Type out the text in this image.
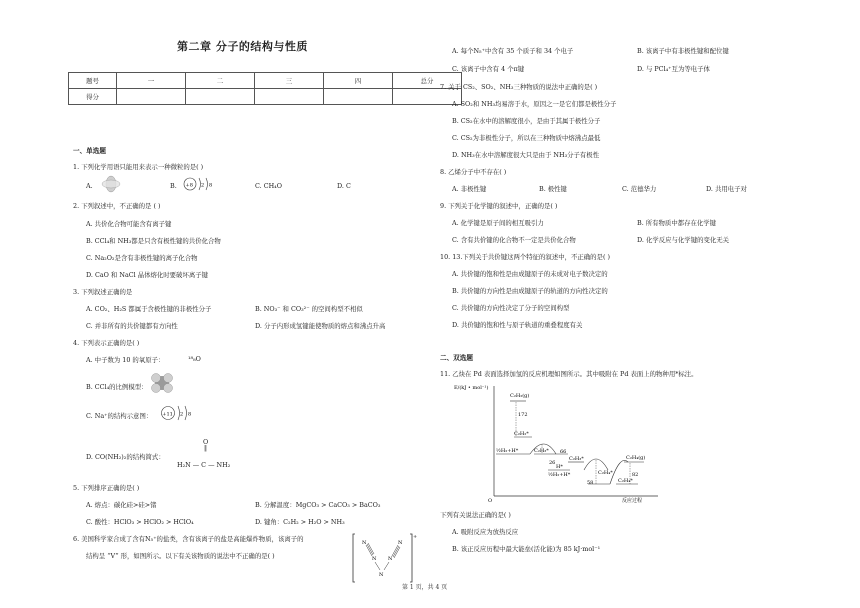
第二章 分子的结构与性质
题号	一	二	三	四	总分
得分					
一、单选题
1. 下列化学用语只能用来表示一种微粒的是( )
A.	B. +8 2 8	C. CH₄O	D. C
2. 下列叙述中，不正确的是 ( )
A. 共价化合物可能含有离子键
B. CCl₄和 NH₃都是只含有极性键的共价化合物
C. Na₂O₂是含有非极性键的离子化合物
D. CaO 和 NaCl 晶体熔化时要破坏离子键
3. 下列叙述正确的是
A. CO₂、H₂S 都属于含极性键的非极性分子	B. NO₃⁻ 和 CO₃²⁻ 的空间构型不相似
C. 并非所有的共价键都有方向性	D. 分子内形成氢键能使物质的熔点和沸点升高
4. 下列表示正确的是( )
A. 中子数为 10 的氧原子：	¹⁸₈O
B. CCl₄的比例模型：
C. Na⁺的结构示意图： +11 2 8
D. CO(NH₂)₂的结构简式：
O
‖
H₂N — C — NH₂
5. 下列排序正确的是( )
A. 熔点：碳化硅>硅>锗	B. 分解温度：MgCO₃ > CaCO₃ > BaCO₃
C. 酸性：HClO₃ > HClO₂ > HClO₄	D. 键角：C₂H₂ > H₂O > NH₃
6. 美国科学家合成了含有N₅⁺的盐类，含有该离子的盐是高能爆炸物质，该离子的
结构呈 “V” 形，如图所示。以下有关该物质的说法中不正确的是( )
+
N
N
N
N
N
A. 每个N₅⁺中含有 35 个质子和 34 个电子	B. 该离子中有非极性键和配位键
C. 该离子中含有 4 个π键	D. 与 PCl₄⁺互为等电子体
7. 关于 CS₂、SO₂、NH₃三种物质的说法中正确的是( )
A. SO₂和 NH₃均易溶于水，原因之一是它们都是极性分子
B. CS₂在水中的溶解度很小，是由于其属于极性分子
C. CS₂为非极性分子，所以在三种物质中熔沸点最低
D. NH₃在水中溶解度很大只是由于 NH₃分子有极性
8. 乙烯分子中不存在( )
A. 非极性键	B. 极性键	C. 范德华力	D. 共用电子对
9. 下列关于化学键的叙述中，正确的是( )
A. 化学键是原子间的相互吸引力	B. 所有物质中都存在化学键
C. 含有共价键的化合物不一定是共价化合物	D. 化学反应与化学键的变化无关
10. 13.下列关于共价键这两个特征的叙述中，不正确的是( )
A. 共价键的饱和性是由成键原子的未成对电子数决定的
B. 共价键的方向性是由成键原子的轨道的方向性决定的
C. 共价键的方向性决定了分子的空间构型
D. 共价键的饱和性与原子轨道的重叠程度有关
二、双选题
11. 乙炔在 Pd 表面选择加氢的反应机理如图所示。其中吸附在 Pd 表面上的物种用*标注。
E/(kJ • mol⁻¹)
反应过程
O
C₂H₂(g)
172
C₂H₂*
½H₂+H*	66
C₂H₃*
26
H*
½H₂+H*
C₂H₃*
58
C₂H₄*
C₂H₄(g)
82
C₂H₄*
下列有关说法正确的是( )
A. 吸附反应为放热反应
B. 该正反应历程中最大能垒(活化能)为 85 kJ·mol⁻¹
第 1 页，共 4 页
